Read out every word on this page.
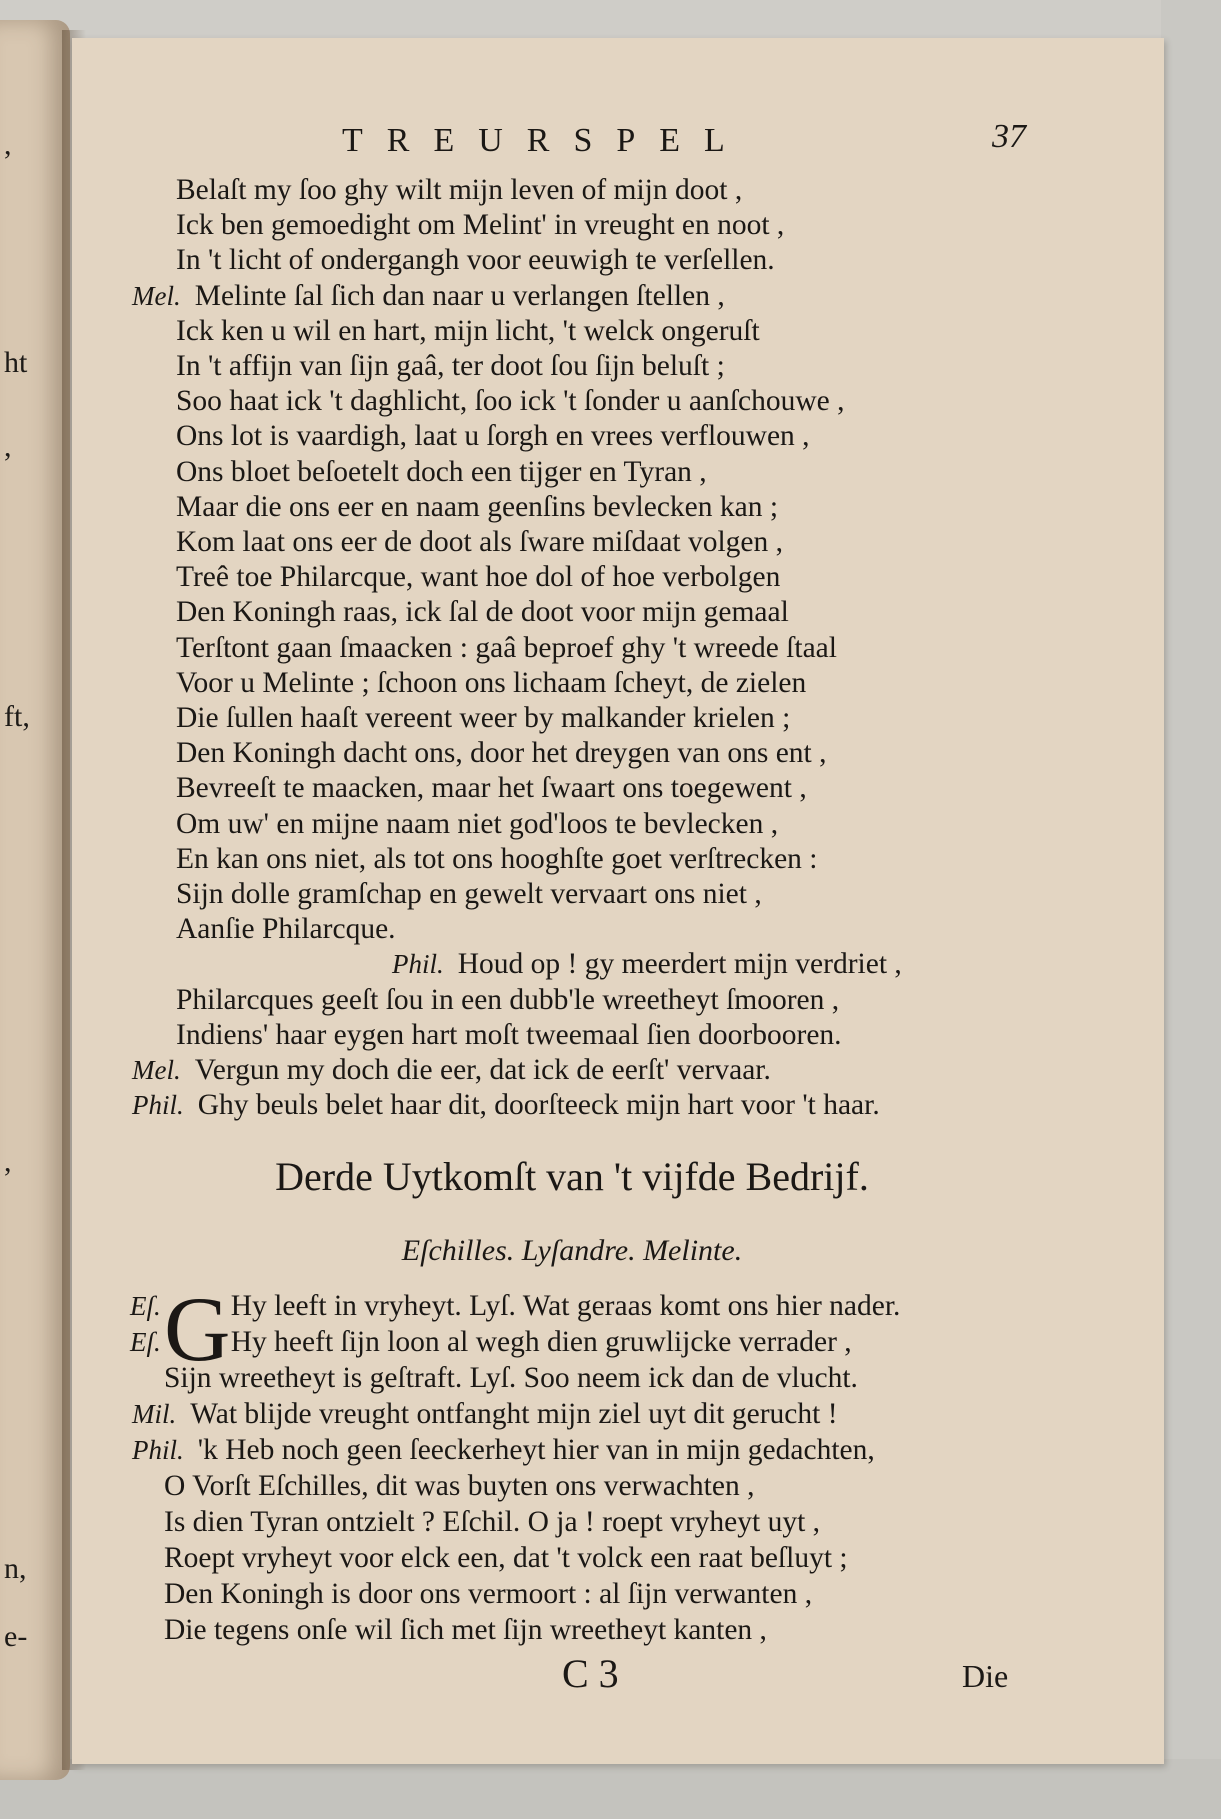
,
ht
,
ft,
,
n,
e-
TREURSPEL	37
Belaſt my ſoo ghy wilt mijn leven of mijn doot ,
Ick ben gemoedight om Melint' in vreught en noot ,
In 't licht of ondergangh voor eeuwigh te verſellen.
Mel. Melinte ſal ſich dan naar u verlangen ſtellen ,
Ick ken u wil en hart, mijn licht, 't welck ongeruſt
In 't affijn van ſijn gaâ, ter doot ſou ſijn beluſt ;
Soo haat ick 't daghlicht, ſoo ick 't ſonder u aanſchouwe ,
Ons lot is vaardigh, laat u ſorgh en vrees verflouwen ,
Ons bloet beſoetelt doch een tijger en Tyran ,
Maar die ons eer en naam geenſins bevlecken kan ;
Kom laat ons eer de doot als ſware miſdaat volgen ,
Treê toe Philarcque, want hoe dol of hoe verbolgen
Den Koningh raas, ick ſal de doot voor mijn gemaal
Terſtont gaan ſmaacken : gaâ beproef ghy 't wreede ſtaal
Voor u Melinte ; ſchoon ons lichaam ſcheyt, de zielen
Die ſullen haaſt vereent weer by malkander krielen ;
Den Koningh dacht ons, door het dreygen van ons ent ,
Bevreeſt te maacken, maar het ſwaart ons toegewent ,
Om uw' en mijne naam niet god'loos te bevlecken ,
En kan ons niet, als tot ons hooghſte goet verſtrecken :
Sijn dolle gramſchap en gewelt vervaart ons niet ,
Aanſie Philarcque.
Phil. Houd op ! gy meerdert mijn verdriet ,
Philarcques geeſt ſou in een dubb'le wreetheyt ſmooren ,
Indiens' haar eygen hart moſt tweemaal ſien doorbooren.
Mel. Vergun my doch die eer, dat ick de eerſt' vervaar.
Phil. Ghy beuls belet haar dit, doorſteeck mijn hart voor 't haar.
Derde Uytkomſt van 't vijfde Bedrijf.
Eſchilles. Lyſandre. Melinte.
G
Eſ. Hy leeft in vryheyt. Lyſ. Wat geraas komt ons hier nader.
Eſ. Hy heeft ſijn loon al wegh dien gruwlijcke verrader ,
Sijn wreetheyt is geſtraft. Lyſ. Soo neem ick dan de vlucht.
Mil. Wat blijde vreught ontfanght mijn ziel uyt dit gerucht !
Phil. 'k Heb noch geen ſeeckerheyt hier van in mijn gedachten,
O Vorſt Eſchilles, dit was buyten ons verwachten ,
Is dien Tyran ontzielt ? Eſchil. O ja ! roept vryheyt uyt ,
Roept vryheyt voor elck een, dat 't volck een raat beſluyt ;
Den Koningh is door ons vermoort : al ſijn verwanten ,
Die tegens onſe wil ſich met ſijn wreetheyt kanten ,
C 3	Die
